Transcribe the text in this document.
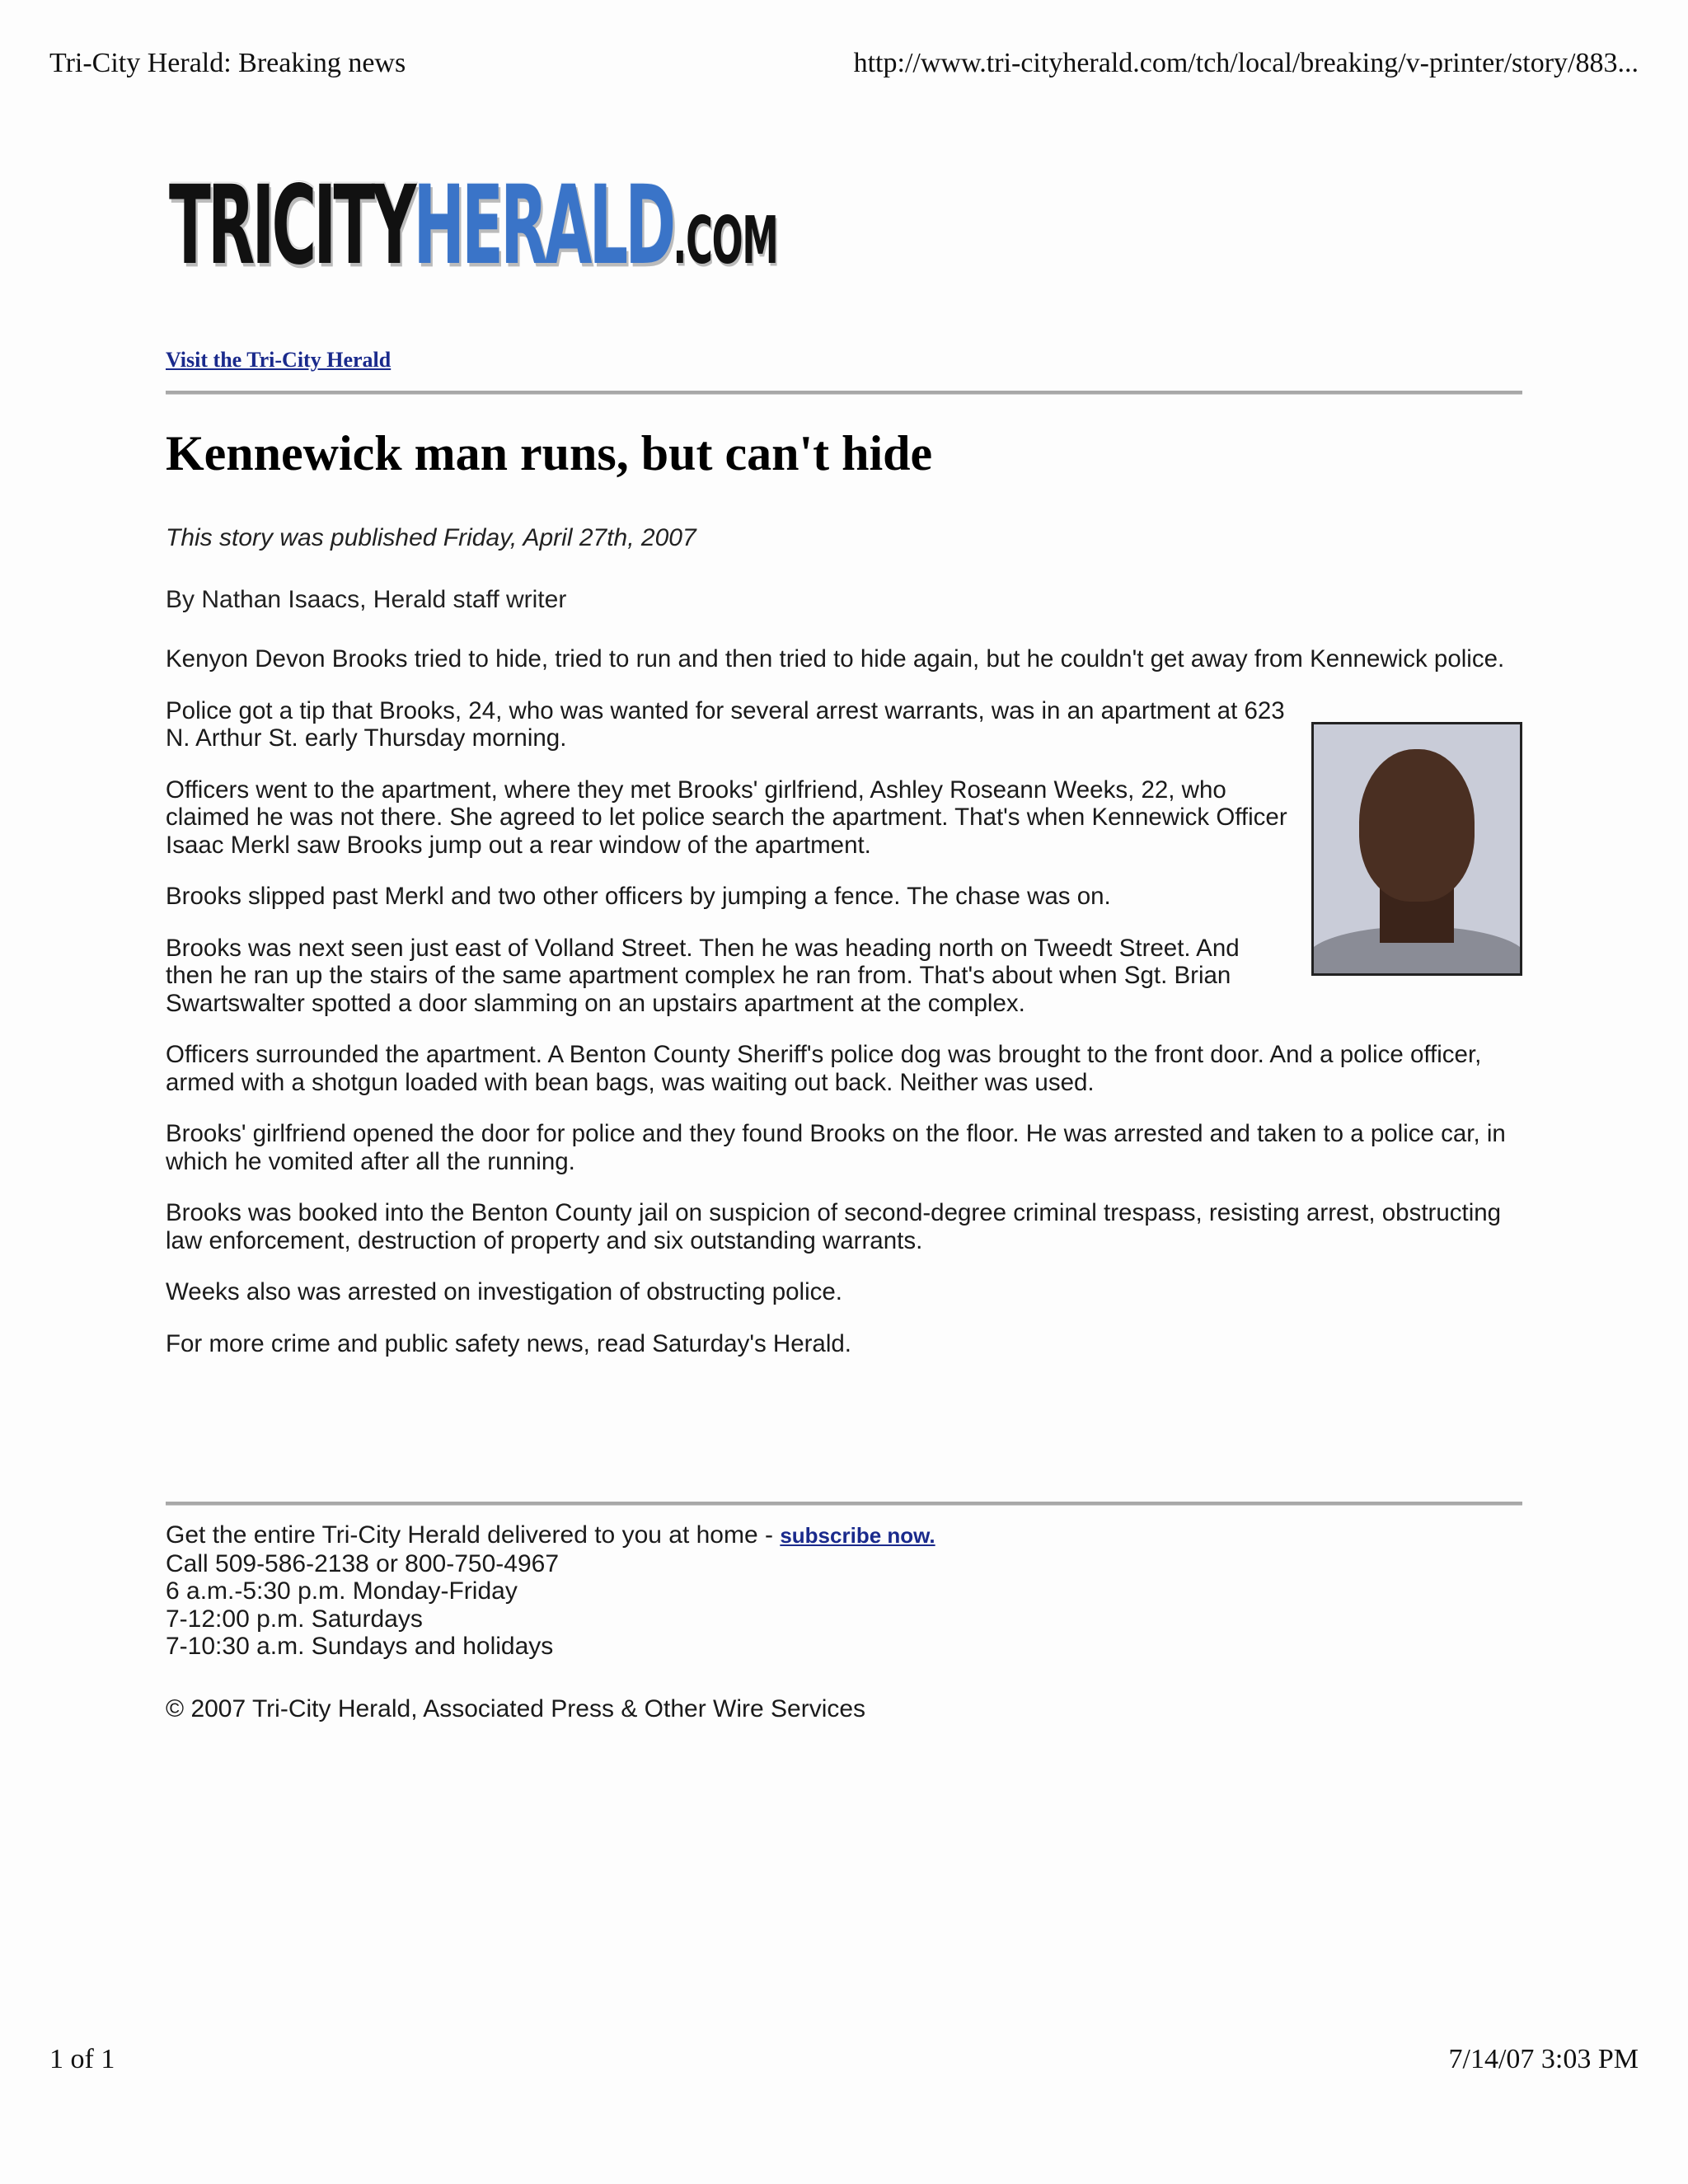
Tri-City Herald: Breaking news	http://www.tri-cityherald.com/tch/local/breaking/v-printer/story/883...
TRICITYHERALD.COM
Visit the Tri-City Herald
Kennewick man runs, but can't hide
This story was published Friday, April 27th, 2007
By Nathan Isaacs, Herald staff writer

Kenyon Devon Brooks tried to hide, tried to run and then tried to hide again, but he couldn't get away from Kennewick police.

Police got a tip that Brooks, 24, who was wanted for several arrest warrants, was in an apartment at 623 N. Arthur St. early Thursday morning.

Officers went to the apartment, where they met Brooks' girlfriend, Ashley Roseann Weeks, 22, who claimed he was not there. She agreed to let police search the apartment. That's when Kennewick Officer Isaac Merkl saw Brooks jump out a rear window of the apartment.

Brooks slipped past Merkl and two other officers by jumping a fence. The chase was on.

Brooks was next seen just east of Volland Street. Then he was heading north on Tweedt Street. And then he ran up the stairs of the same apartment complex he ran from. That's about when Sgt. Brian Swartswalter spotted a door slamming on an upstairs apartment at the complex.

Officers surrounded the apartment. A Benton County Sheriff's police dog was brought to the front door. And a police officer, armed with a shotgun loaded with bean bags, was waiting out back. Neither was used.

Brooks' girlfriend opened the door for police and they found Brooks on the floor. He was arrested and taken to a police car, in which he vomited after all the running.

Brooks was booked into the Benton County jail on suspicion of second-degree criminal trespass, resisting arrest, obstructing law enforcement, destruction of property and six outstanding warrants.

Weeks also was arrested on investigation of obstructing police.

For more crime and public safety news, read Saturday's Herald.

Get the entire Tri-City Herald delivered to you at home - subscribe now.
Call 509-586-2138 or 800-750-4967
6 a.m.-5:30 p.m. Monday-Friday
7-12:00 p.m. Saturdays
7-10:30 a.m. Sundays and holidays
© 2007 Tri-City Herald, Associated Press & Other Wire Services
1 of 1	7/14/07 3:03 PM
